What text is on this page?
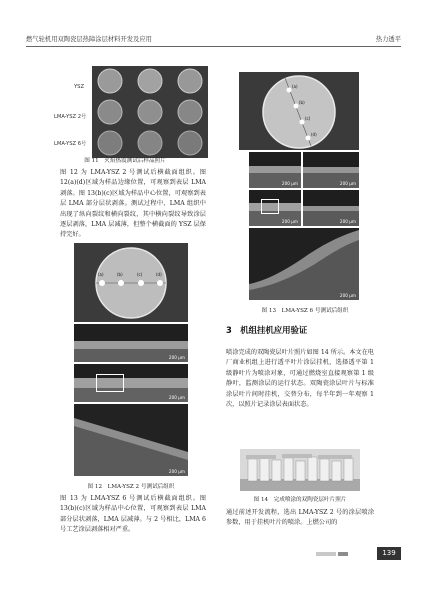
燃气轮机用双陶瓷层热障涂层材料开发及应用	热力透平
YSZ
LMA-YSZ 2号
LMA-YSZ 6号
图 11　火焰热震测试后样品照片
图 12 为 LMA-YSZ 2 号测试后横截面组织。图 12(a)(d)区域为样品边缘位置，可观察到表层 LMA 剥落。图 13(b)(c)区域为样品中心位置，可观察到表层 LMA 部分层状剥落。测试过程中，LMA 组织中出现了纵向裂纹和横向裂纹，其中横向裂纹导致涂层逐层剥落，LMA 层减薄，但整个横截面的 YSZ 层保持完好。
(a)	(b)	(c)	(d)
200 μm
200 μm
200 μm
图 12　LMA-YSZ 2 号测试后组织
图 13 为 LMA-YSZ 6 号测试后横截面组织。图 13(b)(c)区域为样品中心位置，可观察到表层 LMA 部分层状剥落，LMA 层减薄。与 2 号相比，LMA 6 号工艺涂层剥落相对严重。
(a)
(b)
(c)
(d)
200 μm	200 μm
200 μm	200 μm
200 μm
图 13　LMA-YSZ 6 号测试后组织
3　机组挂机应用验证
喷涂完成的双陶瓷层叶片照片如图 14 所示。本文在电厂商业机组上进行透平叶片涂层挂机，选择透平第 1 级静叶片为喷涂对象，可通过燃烧室直接观察第 1 级静叶，监测涂层的运行状态。双陶瓷涂层叶片与标准涂层叶片间时挂机，交替分布，每半年到一年观察 1 次，以照片记录涂层表面状态。
图 14　完成喷涂的双陶瓷层叶片照片
通过前述开发流程，选出 LMA-YSZ 2 号的涂层喷涂参数，用于挂机叶片的喷涂。上燃公司的
139
